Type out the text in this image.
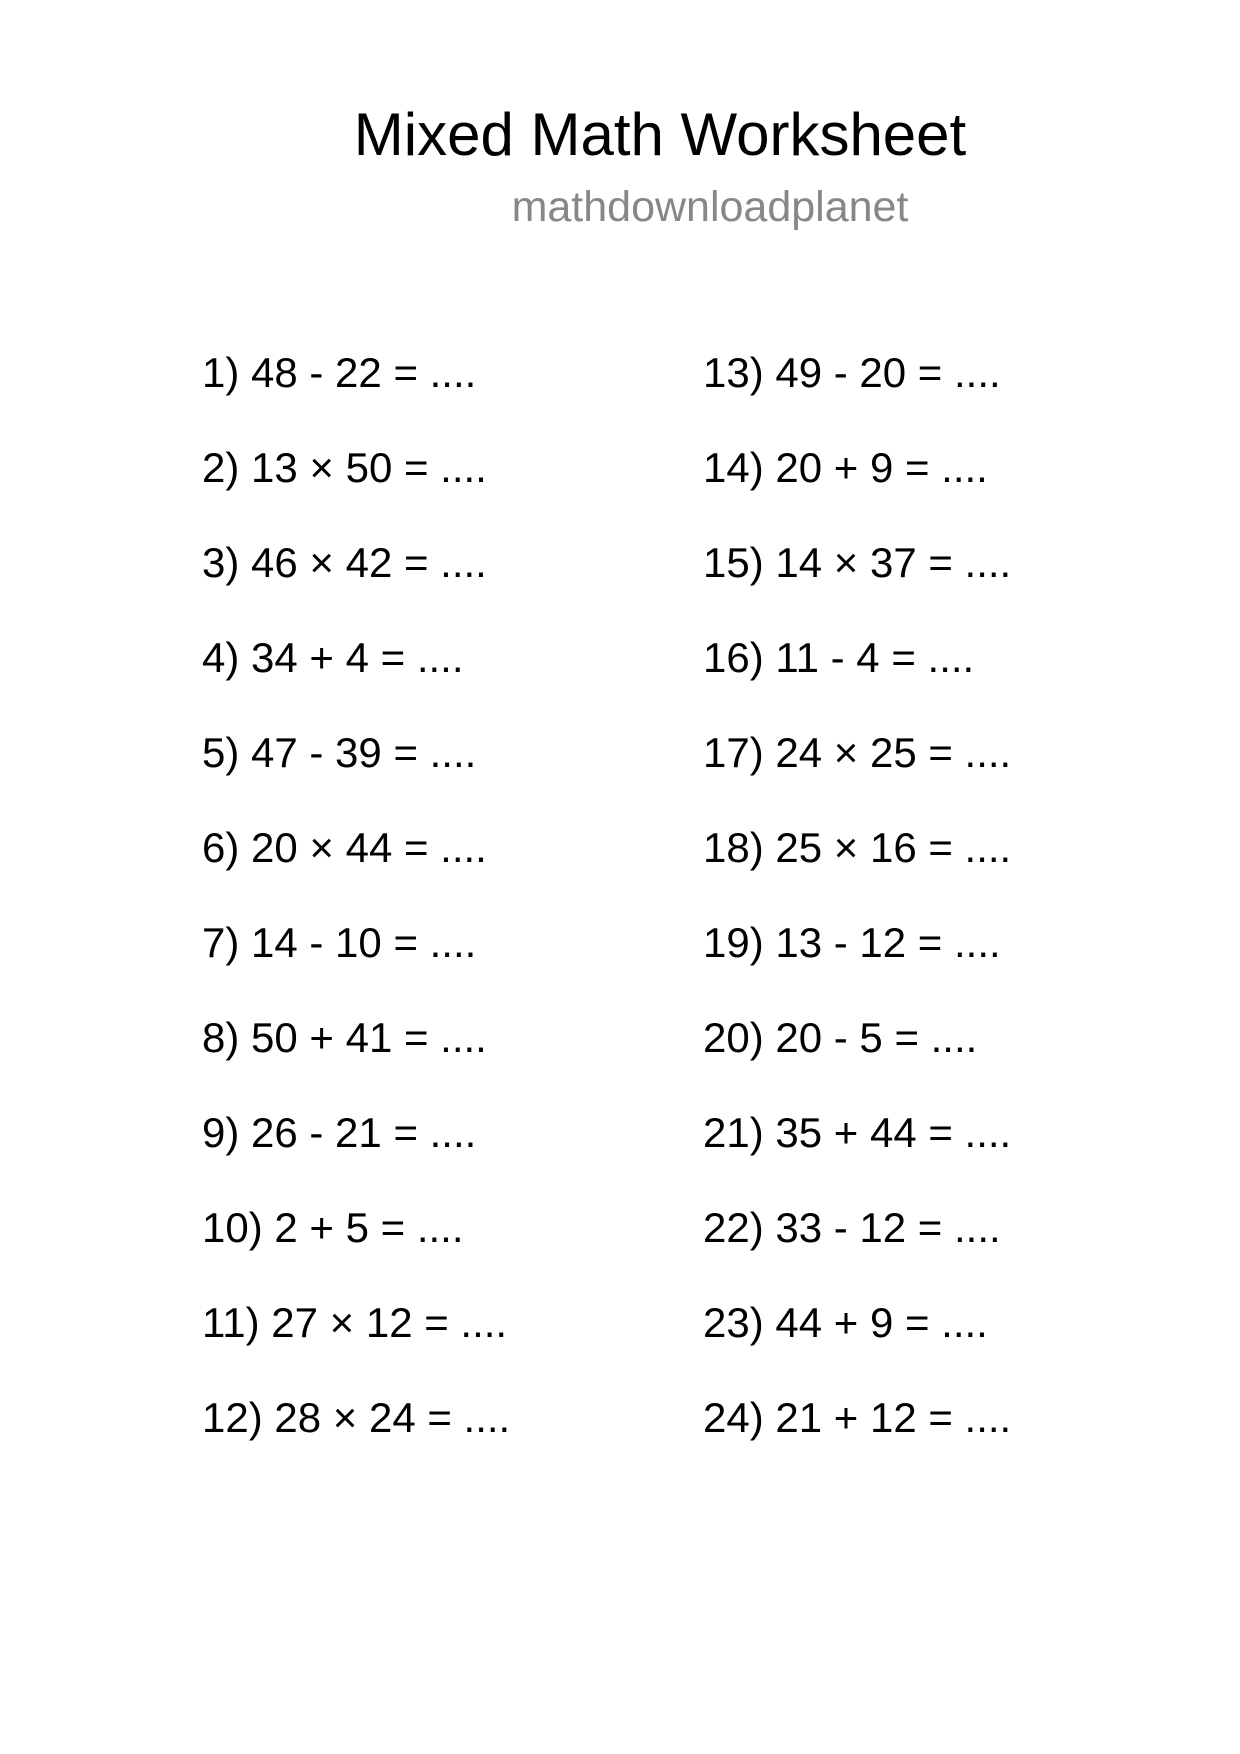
Mixed Math Worksheet
mathdownloadplanet
1) 48 - 22 = ....
2) 13 × 50 = ....
3) 46 × 42 = ....
4) 34 + 4 = ....
5) 47 - 39 = ....
6) 20 × 44 = ....
7) 14 - 10 = ....
8) 50 + 41 = ....
9) 26 - 21 = ....
10) 2 + 5 = ....
11) 27 × 12 = ....
12) 28 × 24 = ....
13) 49 - 20 = ....
14) 20 + 9 = ....
15) 14 × 37 = ....
16) 11 - 4 = ....
17) 24 × 25 = ....
18) 25 × 16 = ....
19) 13 - 12 = ....
20) 20 - 5 = ....
21) 35 + 44 = ....
22) 33 - 12 = ....
23) 44 + 9 = ....
24) 21 + 12 = ....
